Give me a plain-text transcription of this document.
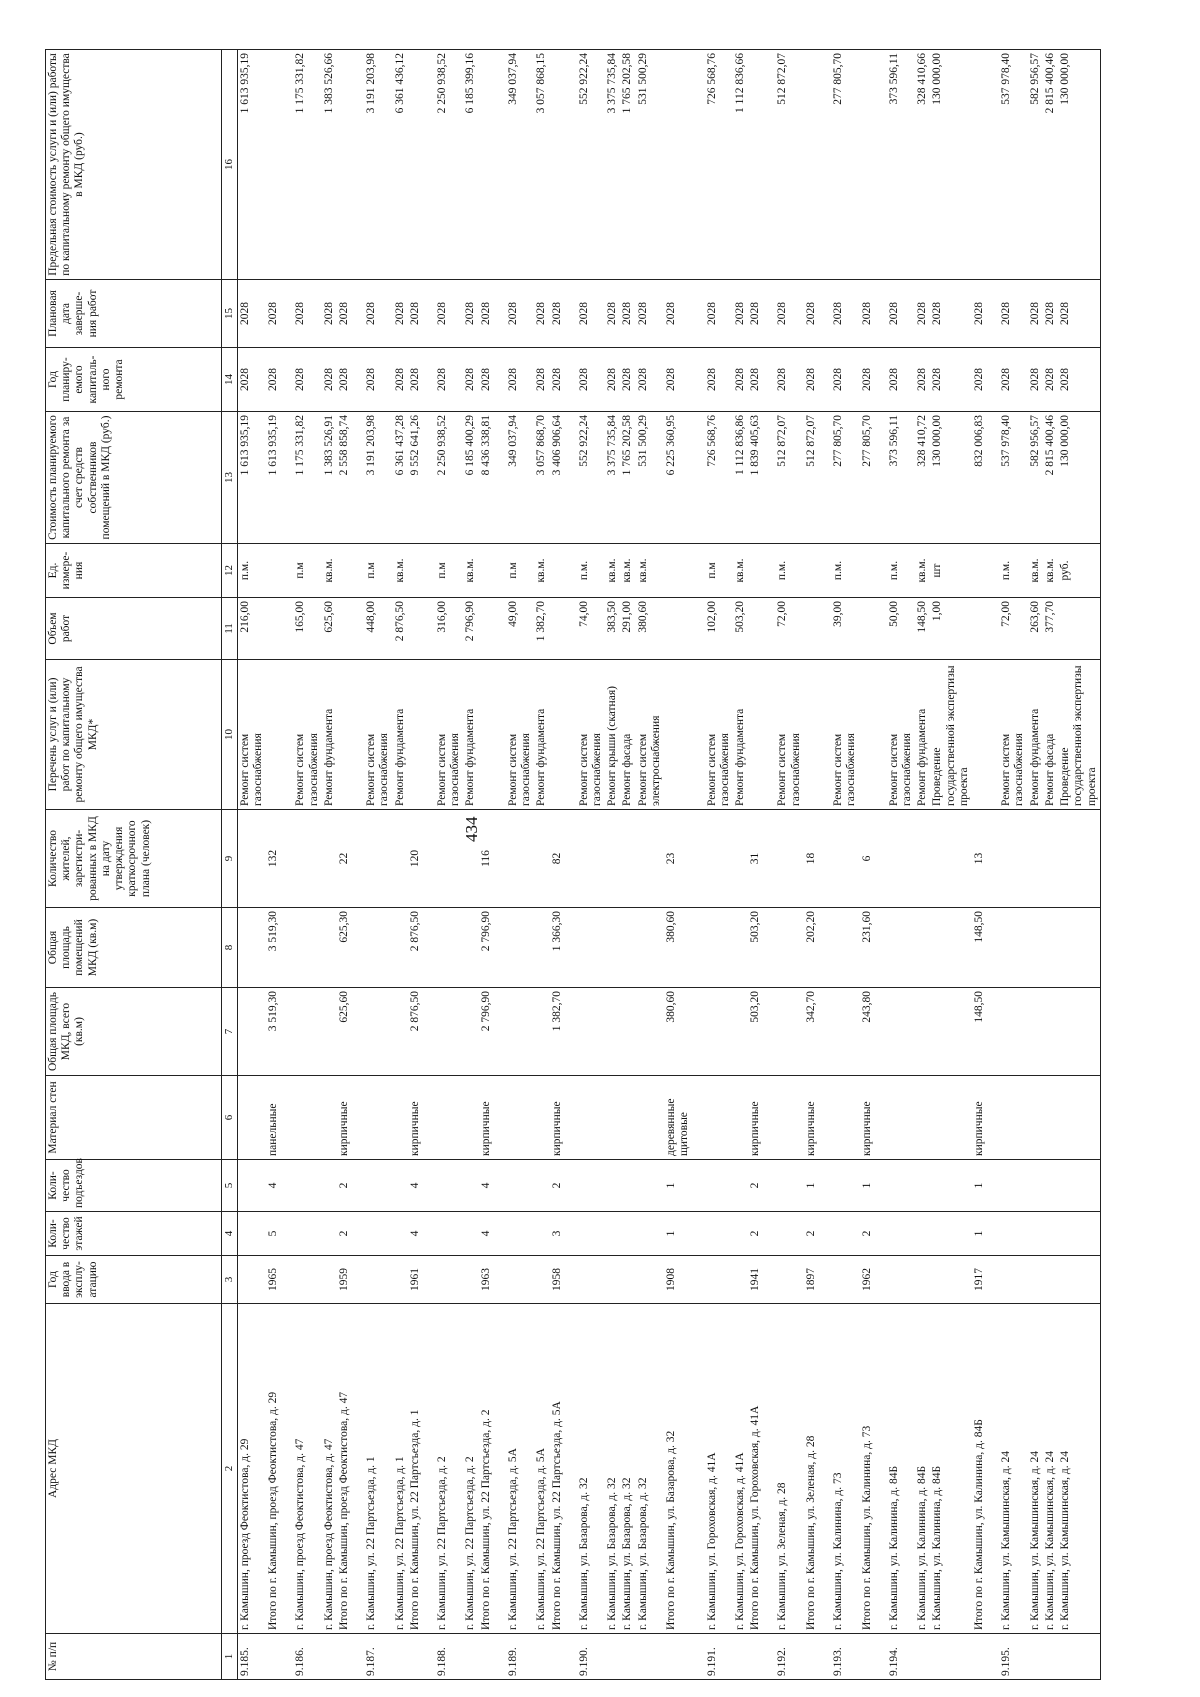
434
№ п/п	Адрес МКД	Год ввода в эксплу-атацию	Коли-чество этажей	Коли-чество подъездов	Материал стен	Общая площадь МКД, всего (кв.м)	Общая площадь помещений МКД (кв.м)	Количество жителей, зарегистри-рованных в МКД на дату утверждения краткосрочного плана (человек)	Перечень услуг и (или) работ по капитальному ремонту общего имущества МКД*	Объем работ	Ед. измере-ния	Стоимость планируемого капитального ремонта за счет средств собственников помещений в МКД (руб.)	Год планиру-емого капиталь-ного ремонта	Плановая дата заверше-ния работ	Предельная стоимость услуги и (или) работы по капитальному ремонту общего имущества в МКД (руб.)
1	2	3	4	5	6	7	8	9	10	11	12	13	14	15	16
9.185.	г. Камышин, проезд Феоктистова, д. 29								Ремонт систем газоснабжения	216,00	п.м.	1 613 935,19	2028	2028	1 613 935,19
	Итого по г. Камышин, проезд Феоктистова, д. 29	1965	5	4	панельные	3 519,30	3 519,30	132				1 613 935,19	2028	2028	

9.186.	г. Камышин, проезд Феоктистова, д. 47								Ремонт систем газоснабжения	165,00	п.м	1 175 331,82	2028	2028	1 175 331,82
	г. Камышин, проезд Феоктистова, д. 47								Ремонт фундамента	625,60	кв.м.	1 383 526,91	2028	2028	1 383 526,66
	Итого по г. Камышин, проезд Феоктистова, д. 47	1959	2	2	кирпичные	625,60	625,30	22				2 558 858,74	2028	2028	

9.187.	г. Камышин, ул. 22 Партсъезда, д. 1								Ремонт систем газоснабжения	448,00	п.м	3 191 203,98	2028	2028	3 191 203,98
	г. Камышин, ул. 22 Партсъезда, д. 1								Ремонт фундамента	2 876,50	кв.м.	6 361 437,28	2028	2028	6 361 436,12
	Итого по г. Камышин, ул. 22 Партсъезда, д. 1	1961	4	4	кирпичные	2 876,50	2 876,50	120				9 552 641,26	2028	2028	

9.188.	г. Камышин, ул. 22 Партсъезда, д. 2								Ремонт систем газоснабжения	316,00	п.м	2 250 938,52	2028	2028	2 250 938,52
	г. Камышин, ул. 22 Партсъезда, д. 2								Ремонт фундамента	2 796,90	кв.м.	6 185 400,29	2028	2028	6 185 399,16
	Итого по г. Камышин, ул. 22 Партсъезда, д. 2	1963	4	4	кирпичные	2 796,90	2 796,90	116				8 436 338,81	2028	2028	

9.189.	г. Камышин, ул. 22 Партсъезда, д. 5А								Ремонт систем газоснабжения	49,00	п.м	349 037,94	2028	2028	349 037,94
	г. Камышин, ул. 22 Партсъезда, д. 5А								Ремонт фундамента	1 382,70	кв.м.	3 057 868,70	2028	2028	3 057 868,15
	Итого по г. Камышин, ул. 22 Партсъезда, д. 5А	1958	3	2	кирпичные	1 382,70	1 366,30	82				3 406 906,64	2028	2028	

9.190.	г. Камышин, ул. Базарова, д. 32								Ремонт систем газоснабжения	74,00	п.м.	552 922,24	2028	2028	552 922,24
	г. Камышин, ул. Базарова, д. 32								Ремонт крыши (скатная)	383,50	кв.м.	3 375 735,84	2028	2028	3 375 735,84
	г. Камышин, ул. Базарова, д. 32								Ремонт фасада	291,00	кв.м.	1 765 202,58	2028	2028	1 765 202,58
	г. Камышин, ул. Базарова, д. 32								Ремонт систем электроснабжения	380,60	кв.м.	531 500,29	2028	2028	531 500,29
	Итого по г. Камышин, ул. Базарова, д. 32	1908	1	1	деревянные щитовые	380,60	380,60	23				6 225 360,95	2028	2028	

9.191.	г. Камышин, ул. Гороховская, д. 41А								Ремонт систем газоснабжения	102,00	п.м	726 568,76	2028	2028	726 568,76
	г. Камышин, ул. Гороховская, д. 41А								Ремонт фундамента	503,20	кв.м.	1 112 836,86	2028	2028	1 112 836,66
	Итого по г. Камышин, ул. Гороховская, д. 41А	1941	2	2	кирпичные	503,20	503,20	31				1 839 405,63	2028	2028	

9.192.	г. Камышин, ул. Зеленая, д. 28								Ремонт систем газоснабжения	72,00	п.м.	512 872,07	2028	2028	512 872,07
	Итого по г. Камышин, ул. Зеленая, д. 28	1897	2	1	кирпичные	342,70	202,20	18				512 872,07	2028	2028	

9.193.	г. Камышин, ул. Калинина, д. 73								Ремонт систем газоснабжения	39,00	п.м.	277 805,70	2028	2028	277 805,70
	Итого по г. Камышин, ул. Калинина, д. 73	1962	2	1	кирпичные	243,80	231,60	6				277 805,70	2028	2028	

9.194.	г. Камышин, ул. Калинина, д. 84Б								Ремонт систем газоснабжения	50,00	п.м.	373 596,11	2028	2028	373 596,11
	г. Камышин, ул. Калинина, д. 84Б								Ремонт фундамента	148,50	кв.м.	328 410,72	2028	2028	328 410,66
	г. Камышин, ул. Калинина, д. 84Б								Проведение государственной экспертизы проекта	1,00	шт	130 000,00	2028	2028	130 000,00
	Итого по г. Камышин, ул. Калинина, д. 84Б	1917	1	1	кирпичные	148,50	148,50	13				832 006,83	2028	2028	

9.195.	г. Камышин, ул. Камышинская, д. 24								Ремонт систем газоснабжения	72,00	п.м.	537 978,40	2028	2028	537 978,40
	г. Камышин, ул. Камышинская, д. 24								Ремонт фундамента	263,60	кв.м.	582 956,57	2028	2028	582 956,57
	г. Камышин, ул. Камышинская, д. 24								Ремонт фасада	377,70	кв.м.	2 815 400,46	2028	2028	2 815 400,46
	г. Камышин, ул. Камышинская, д. 24								Проведение государственной экспертизы проекта		руб.	130 000,00	2028	2028	130 000,00
